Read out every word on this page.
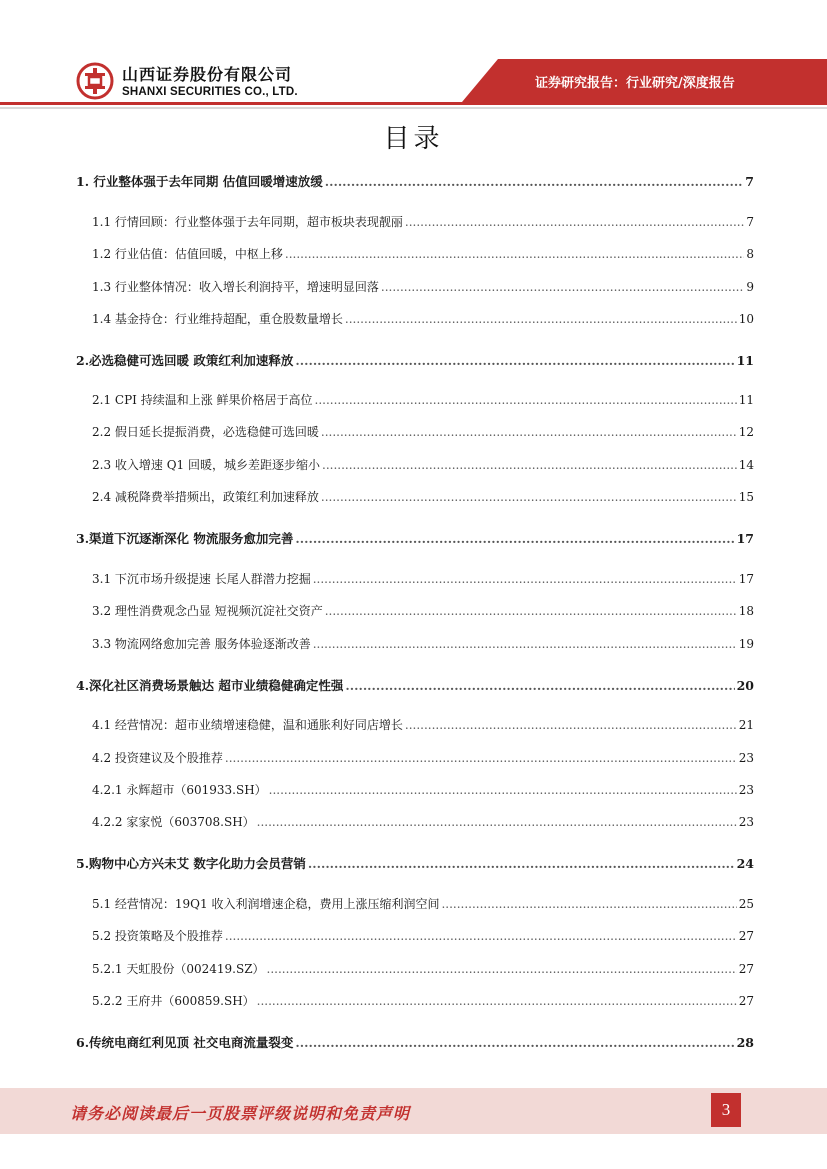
山西证券股份有限公司
SHANXI SECURITIES CO., LTD.
证券研究报告：行业研究/深度报告
目录
1. 行业整体强于去年同期 估值回暖增速放缓 .....	7
1.1 行情回顾：行业整体强于去年同期，超市板块表现靓丽 .....	7
1.2 行业估值：估值回暖，中枢上移 .....	8
1.3 行业整体情况：收入增长利润持平，增速明显回落 .....	9
1.4 基金持仓：行业维持超配，重仓股数量增长 .....	10
2.必选稳健可选回暖 政策红利加速释放 .....	11
2.1 CPI 持续温和上涨 鲜果价格居于高位 .....	11
2.2 假日延长提振消费，必选稳健可选回暖 .....	12
2.3 收入增速 Q1 回暖，城乡差距逐步缩小 .....	14
2.4 减税降费举措频出，政策红利加速释放 .....	15
3.渠道下沉逐渐深化 物流服务愈加完善 .....	17
3.1 下沉市场升级提速 长尾人群潜力挖掘 .....	17
3.2 理性消费观念凸显 短视频沉淀社交资产 .....	18
3.3 物流网络愈加完善 服务体验逐渐改善 .....	19
4.深化社区消费场景触达 超市业绩稳健确定性强 .....	20
4.1 经营情况：超市业绩增速稳健，温和通胀利好同店增长 .....	21
4.2 投资建议及个股推荐 .....	23
4.2.1 永辉超市（601933.SH） .....	23
4.2.2 家家悦（603708.SH） .....	23
5.购物中心方兴未艾 数字化助力会员营销 .....	24
5.1 经营情况：19Q1 收入利润增速企稳，费用上涨压缩利润空间 .....	25
5.2 投资策略及个股推荐 .....	27
5.2.1 天虹股份（002419.SZ） .....	27
5.2.2 王府井（600859.SH） .....	27
6.传统电商红利见顶 社交电商流量裂变 .....	28
请务必阅读最后一页股票评级说明和免责声明	3
